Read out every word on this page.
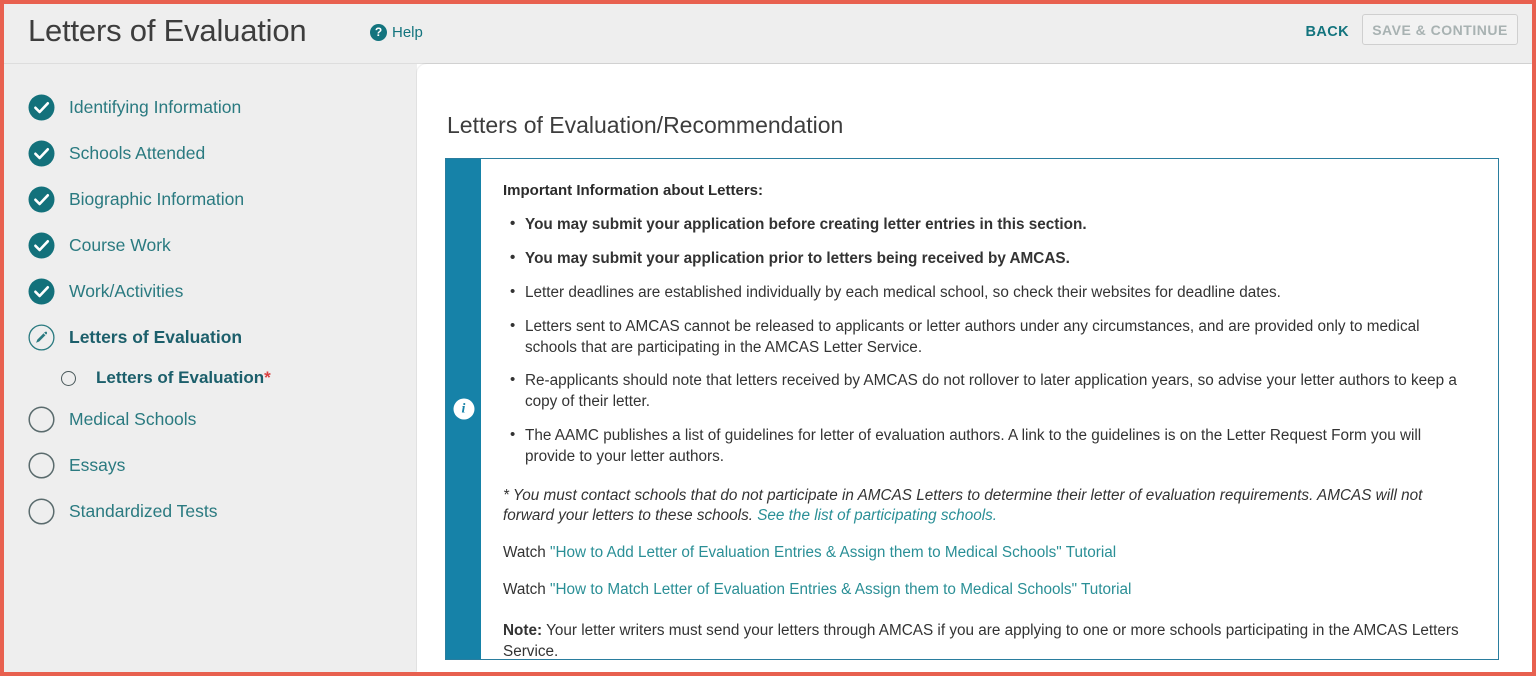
Letters of Evaluation	? Help	BACK	SAVE & CONTINUE
Identifying Information
Schools Attended
Biographic Information
Course Work
Work/Activities
Letters of Evaluation
Letters of Evaluation*
Medical Schools
Essays
Standardized Tests
Letters of Evaluation/Recommendation
i
Important Information about Letters:
• You may submit your application before creating letter entries in this section.
• You may submit your application prior to letters being received by AMCAS.
• Letter deadlines are established individually by each medical school, so check their websites for deadline dates.
• Letters sent to AMCAS cannot be released to applicants or letter authors under any circumstances, and are provided only to medical schools that are participating in the AMCAS Letter Service.
• Re-applicants should note that letters received by AMCAS do not rollover to later application years, so advise your letter authors to keep a copy of their letter.
• The AAMC publishes a list of guidelines for letter of evaluation authors. A link to the guidelines is on the Letter Request Form you will provide to your letter authors.

* You must contact schools that do not participate in AMCAS Letters to determine their letter of evaluation requirements. AMCAS will not forward your letters to these schools. See the list of participating schools.

Watch "How to Add Letter of Evaluation Entries & Assign them to Medical Schools" Tutorial

Watch "How to Match Letter of Evaluation Entries & Assign them to Medical Schools" Tutorial

Note: Your letter writers must send your letters through AMCAS if you are applying to one or more schools participating in the AMCAS Letters Service.
